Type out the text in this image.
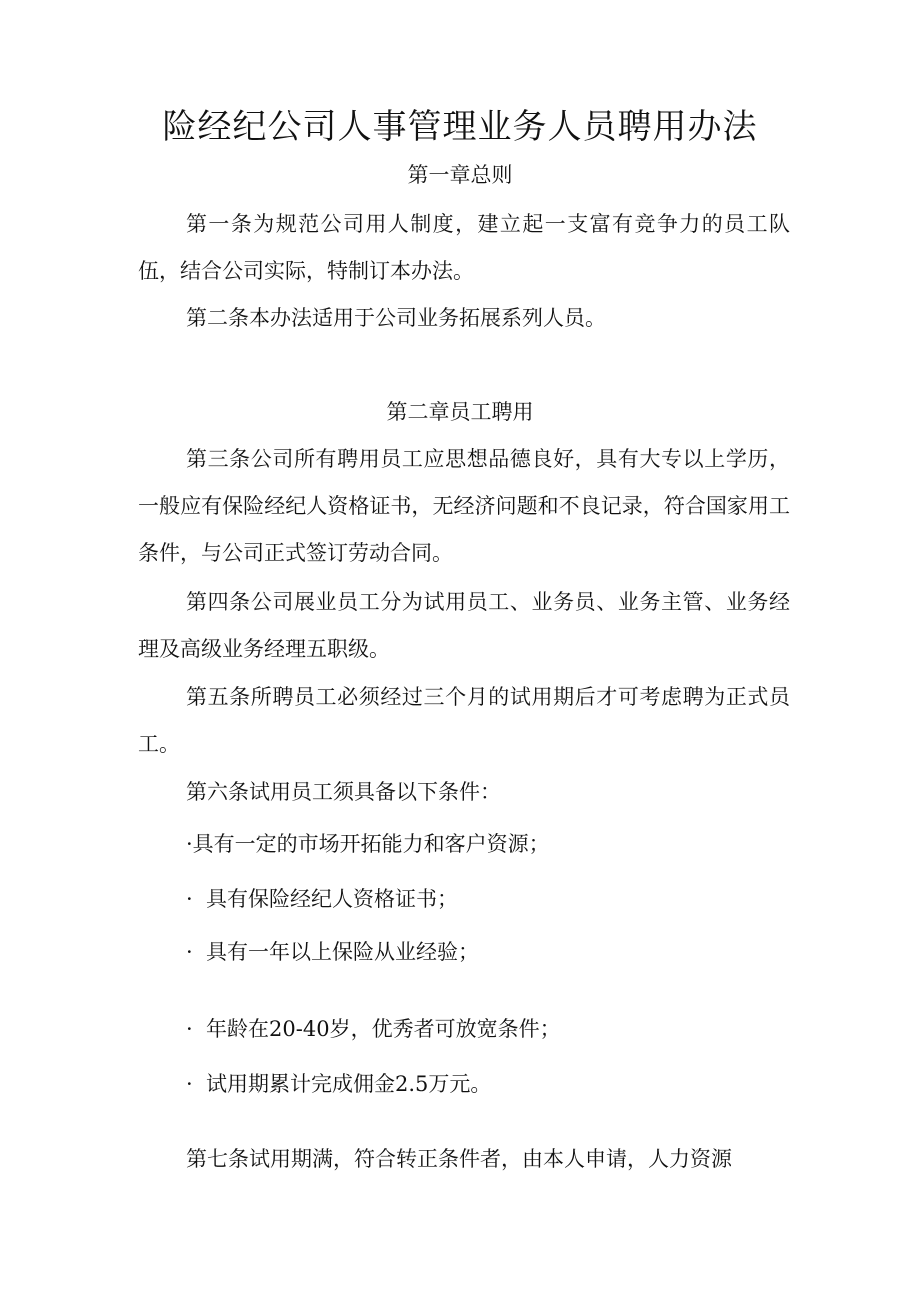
险经纪公司人事管理业务人员聘用办法
第一章总则

第一条为规范公司用人制度，建立起一支富有竞争力的员工队伍，结合公司实际，特制订本办法。

第二条本办法适用于公司业务拓展系列人员。

第二章员工聘用

第三条公司所有聘用员工应思想品德良好，具有大专以上学历，一般应有保险经纪人资格证书，无经济问题和不良记录，符合国家用工条件，与公司正式签订劳动合同。

第四条公司展业员工分为试用员工、业务员、业务主管、业务经理及高级业务经理五职级。

第五条所聘员工必须经过三个月的试用期后才可考虑聘为正式员工。

第六条试用员工须具备以下条件：

·具有一定的市场开拓能力和客户资源；

·  具有保险经纪人资格证书；

·  具有一年以上保险从业经验；

·  年龄在20-40岁，优秀者可放宽条件；

·  试用期累计完成佣金2.5万元。

第七条试用期满，符合转正条件者，由本人申请，人力资源
